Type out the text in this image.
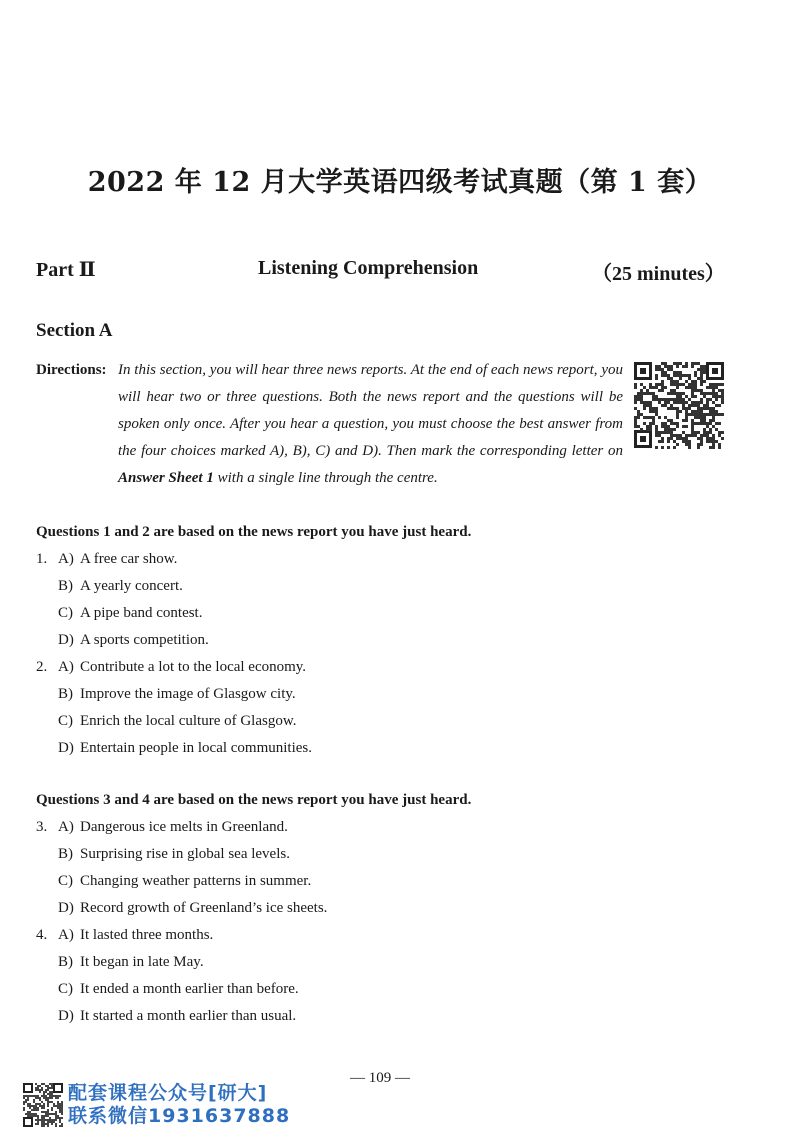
2022 年 12 月大学英语四级考试真题（第 1 套）
Part Ⅱ	Listening Comprehension	（25 minutes）
Section A
Directions: In this section, you will hear three news reports. At the end of each news report, you will hear two or three questions. Both the news report and the questions will be spoken only once. After you hear a question, you must choose the best answer from the four choices marked A), B), C) and D). Then mark the corresponding letter on Answer Sheet 1 with a single line through the centre.
Questions 1 and 2 are based on the news report you have just heard.
1. A) A free car show.
B) A yearly concert.
C) A pipe band contest.
D) A sports competition.
2. A) Contribute a lot to the local economy.
B) Improve the image of Glasgow city.
C) Enrich the local culture of Glasgow.
D) Entertain people in local communities.
Questions 3 and 4 are based on the news report you have just heard.
3. A) Dangerous ice melts in Greenland.
B) Surprising rise in global sea levels.
C) Changing weather patterns in summer.
D) Record growth of Greenland’s ice sheets.
4. A) It lasted three months.
B) It began in late May.
C) It ended a month earlier than before.
D) It started a month earlier than usual.
— 109 —
配套课程公众号[研大]
联系微信1931637888
